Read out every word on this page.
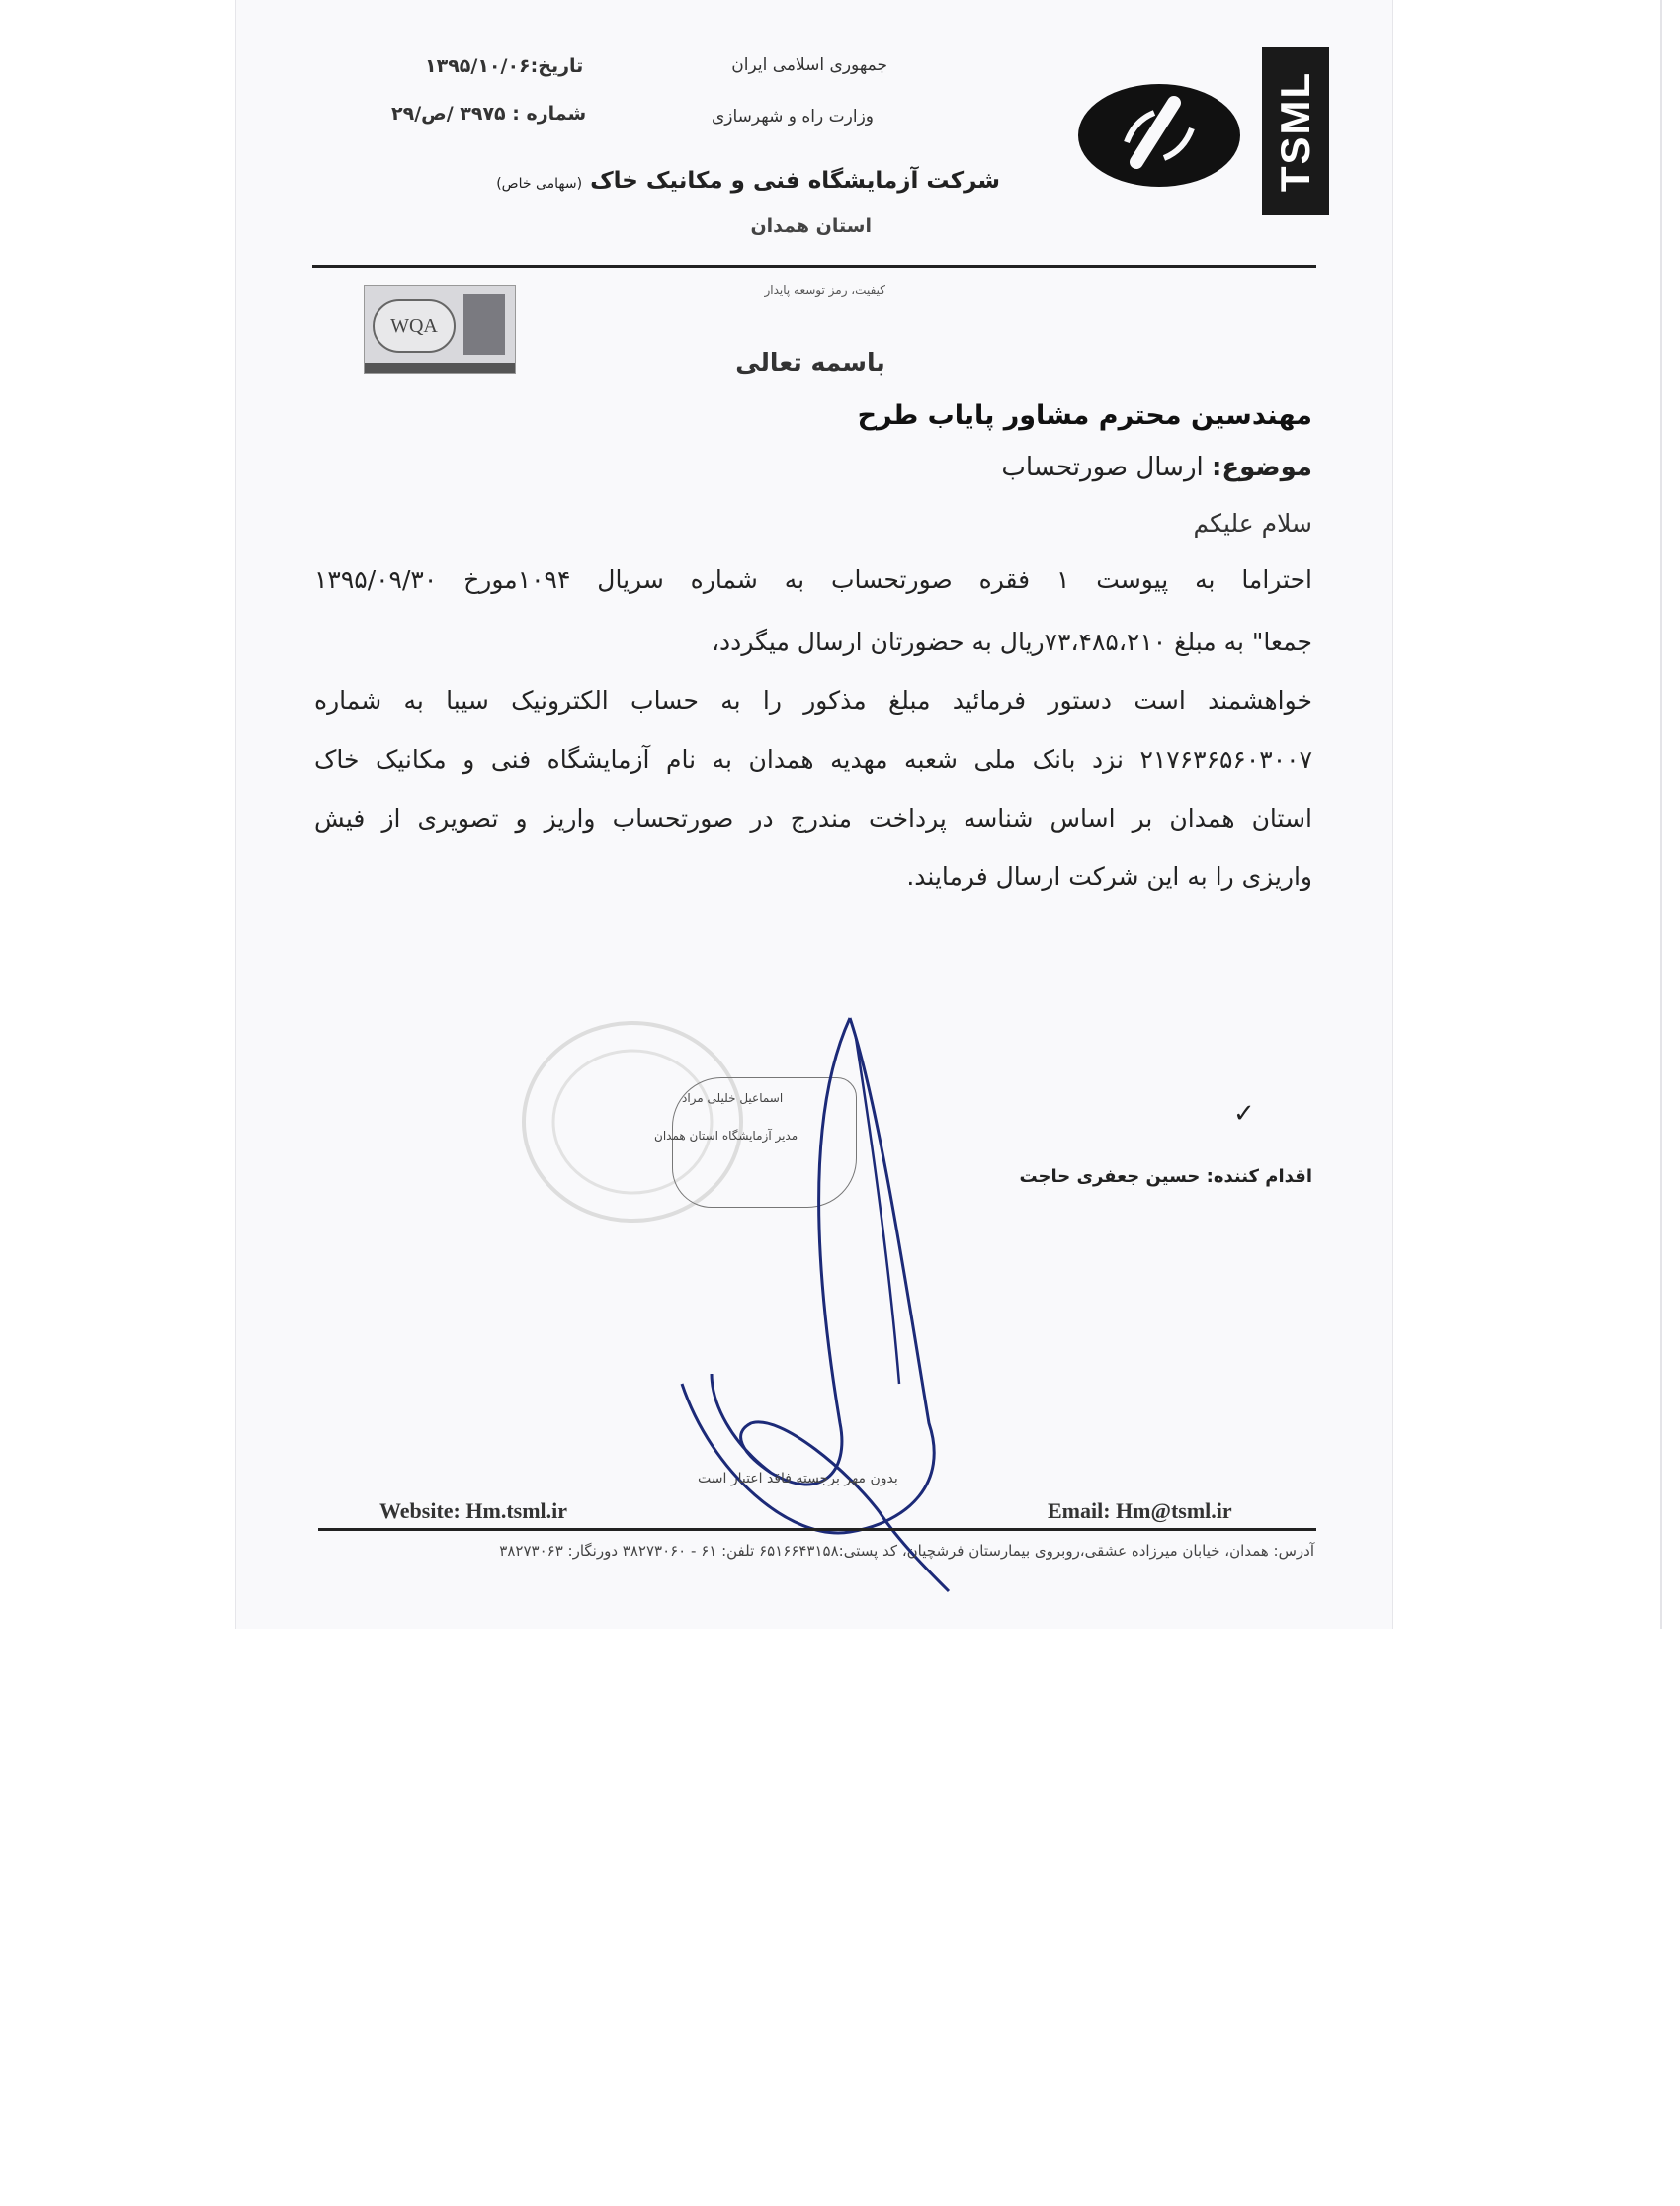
TSML
جمهوری اسلامی ایران
وزارت راه و شهرسازی
تاریخ:۱۳۹۵/۱۰/۰۶
شماره : ۳۹۷۵ /ص/۲۹
شرکت آزمایشگاه فنی و مکانیک خاک (سهامی خاص)
استان همدان
کیفیت، رمز توسعه پایدار
WQA
باسمه تعالی
مهندسین محترم مشاور پایاب طرح
موضوع: ارسال صورتحساب
سلام علیکم
احتراما به پیوست ۱ فقره صورتحساب به شماره سریال ۱۰۹۴مورخ ۱۳۹۵/۰۹/۳۰
جمعا" به مبلغ ۷۳،۴۸۵،۲۱۰ریال به حضورتان ارسال میگردد،
خواهشمند است دستور فرمائید مبلغ مذکور را به حساب الکترونیک سیبا به شماره
۲۱۷۶۳۶۵۶۰۳۰۰۷ نزد بانک ملی شعبه مهدیه همدان به نام آزمایشگاه فنی و مکانیک خاک
استان همدان بر اساس شناسه پرداخت مندرج در صورتحساب واریز و تصویری از فیش
واریزی را به این شرکت ارسال فرمایند.
اسماعیل خلیلی مراد
مدیر آزمایشگاه استان همدان
✓
اقدام کننده: حسین جعفری حاجت
بدون مهر برجسته فاقد اعتبار است
Website: Hm.tsml.ir	Email: Hm@tsml.ir
آدرس: همدان، خیابان میرزاده عشقی،روبروی بیمارستان فرشچیان، کد پستی:۶۵۱۶۶۴۳۱۵۸ تلفن: ۶۱ - ۳۸۲۷۳۰۶۰ دورنگار: ۳۸۲۷۳۰۶۳
